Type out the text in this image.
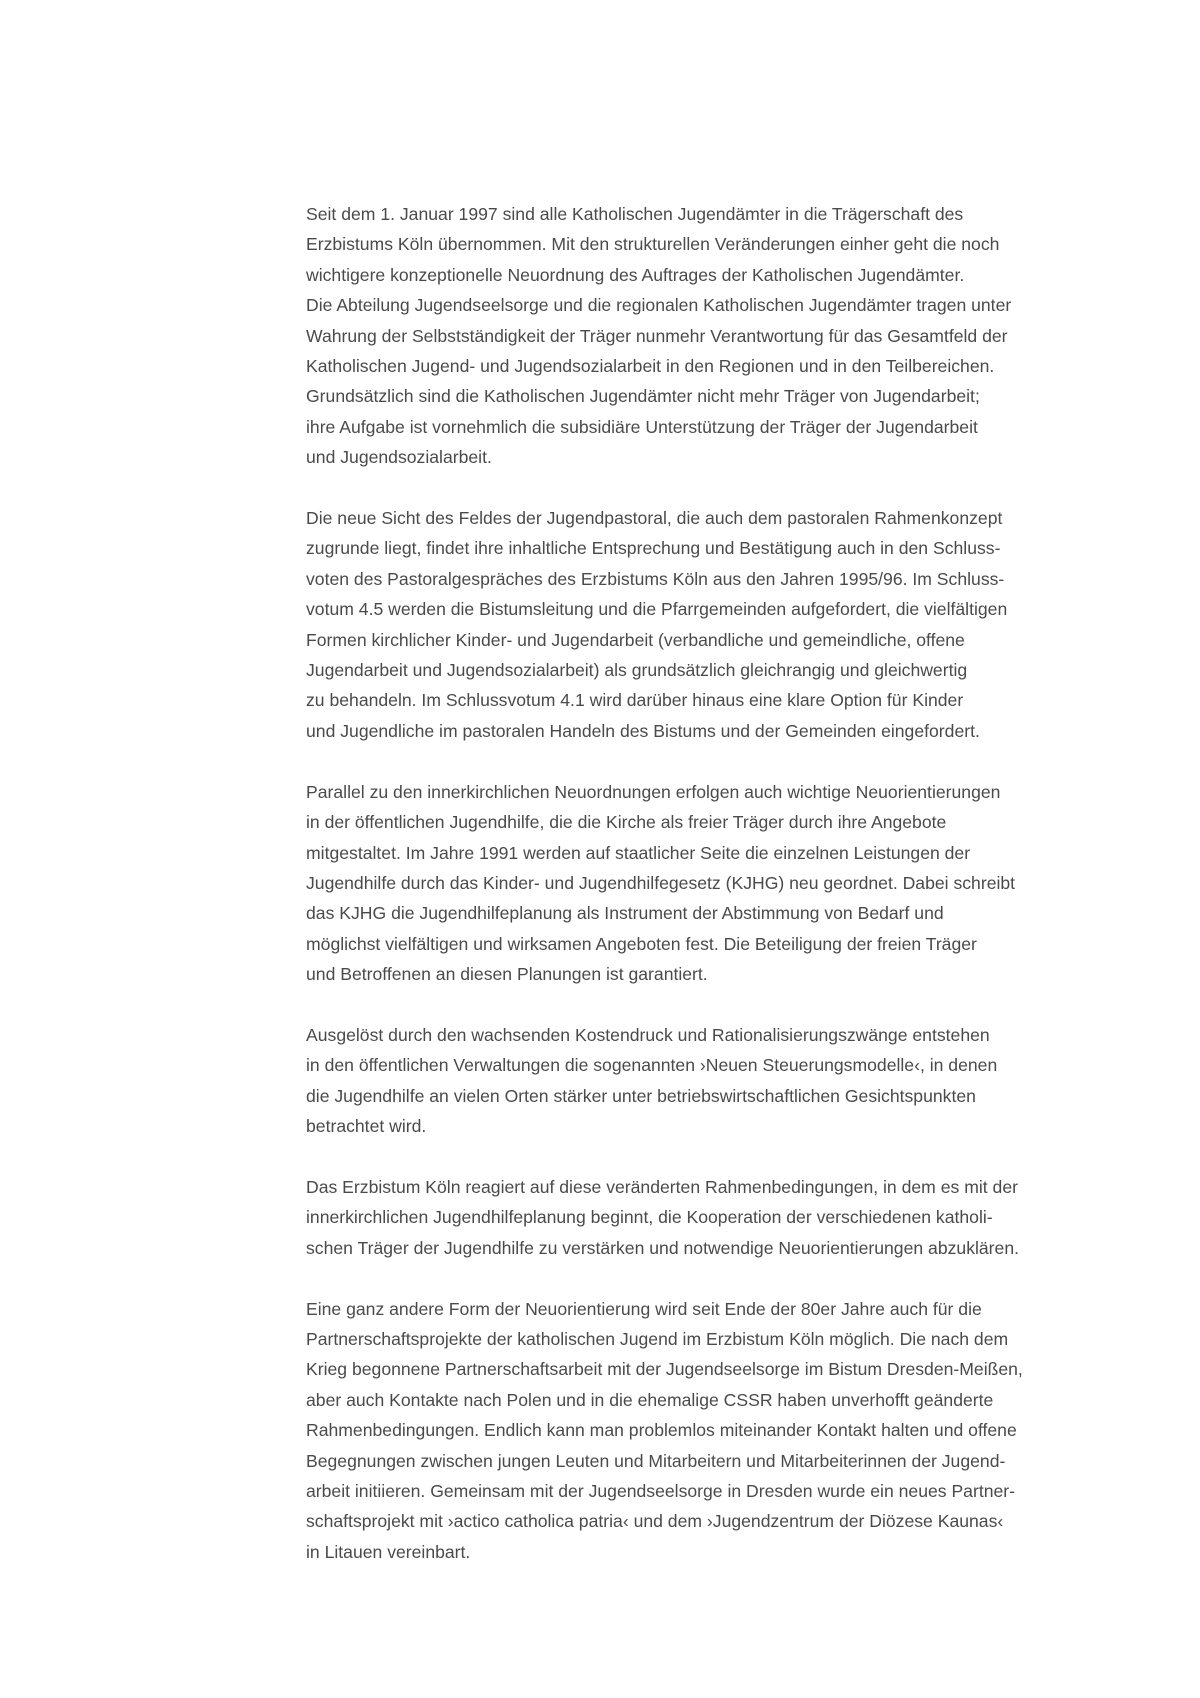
Seit dem 1. Januar 1997 sind alle Katholischen Jugendämter in die Trägerschaft des
Erzbistums Köln übernommen. Mit den strukturellen Veränderungen einher geht die noch
wichtigere konzeptionelle Neuordnung des Auftrages der Katholischen Jugendämter.
Die Abteilung Jugendseelsorge und die regionalen Katholischen Jugendämter tragen unter
Wahrung der Selbstständigkeit der Träger nunmehr Verantwortung für das Gesamtfeld der
Katholischen Jugend- und Jugendsozialarbeit in den Regionen und in den Teilbereichen.
Grundsätzlich sind die Katholischen Jugendämter nicht mehr Träger von Jugendarbeit;
ihre Aufgabe ist vornehmlich die subsidiäre Unterstützung der Träger der Jugendarbeit
und Jugendsozialarbeit.

Die neue Sicht des Feldes der Jugendpastoral, die auch dem pastoralen Rahmenkonzept
zugrunde liegt, findet ihre inhaltliche Entsprechung und Bestätigung auch in den Schluss-
voten des Pastoralgespräches des Erzbistums Köln aus den Jahren 1995/96. Im Schluss-
votum 4.5 werden die Bistumsleitung und die Pfarrgemeinden aufgefordert, die vielfältigen
Formen kirchlicher Kinder- und Jugendarbeit (verbandliche und gemeindliche, offene
Jugendarbeit und Jugendsozialarbeit) als grundsätzlich gleichrangig und gleichwertig
zu behandeln. Im Schlussvotum 4.1 wird darüber hinaus eine klare Option für Kinder
und Jugendliche im pastoralen Handeln des Bistums und der Gemeinden eingefordert.

Parallel zu den innerkirchlichen Neuordnungen erfolgen auch wichtige Neuorientierungen
in der öffentlichen Jugendhilfe, die die Kirche als freier Träger durch ihre Angebote
mitgestaltet. Im Jahre 1991 werden auf staatlicher Seite die einzelnen Leistungen der
Jugendhilfe durch das Kinder- und Jugendhilfegesetz (KJHG) neu geordnet. Dabei schreibt
das KJHG die Jugendhilfeplanung als Instrument der Abstimmung von Bedarf und
möglichst vielfältigen und wirksamen Angeboten fest. Die Beteiligung der freien Träger
und Betroffenen an diesen Planungen ist garantiert.

Ausgelöst durch den wachsenden Kostendruck und Rationalisierungszwänge entstehen
in den öffentlichen Verwaltungen die sogenannten ›Neuen Steuerungsmodelle‹, in denen
die Jugendhilfe an vielen Orten stärker unter betriebswirtschaftlichen Gesichtspunkten
betrachtet wird.

Das Erzbistum Köln reagiert auf diese veränderten Rahmenbedingungen, in dem es mit der
innerkirchlichen Jugendhilfeplanung beginnt, die Kooperation der verschiedenen katholi-
schen Träger der Jugendhilfe zu verstärken und notwendige Neuorientierungen abzuklären.

Eine ganz andere Form der Neuorientierung wird seit Ende der 80er Jahre auch für die
Partnerschaftsprojekte der katholischen Jugend im Erzbistum Köln möglich. Die nach dem
Krieg begonnene Partnerschaftsarbeit mit der Jugendseelsorge im Bistum Dresden-Meißen,
aber auch Kontakte nach Polen und in die ehemalige CSSR haben unverhofft geänderte
Rahmenbedingungen. Endlich kann man problemlos miteinander Kontakt halten und offene
Begegnungen zwischen jungen Leuten und Mitarbeitern und Mitarbeiterinnen der Jugend-
arbeit initiieren. Gemeinsam mit der Jugendseelsorge in Dresden wurde ein neues Partner-
schaftsprojekt mit ›actico catholica patria‹ und dem ›Jugendzentrum der Diözese Kaunas‹
in Litauen vereinbart.
